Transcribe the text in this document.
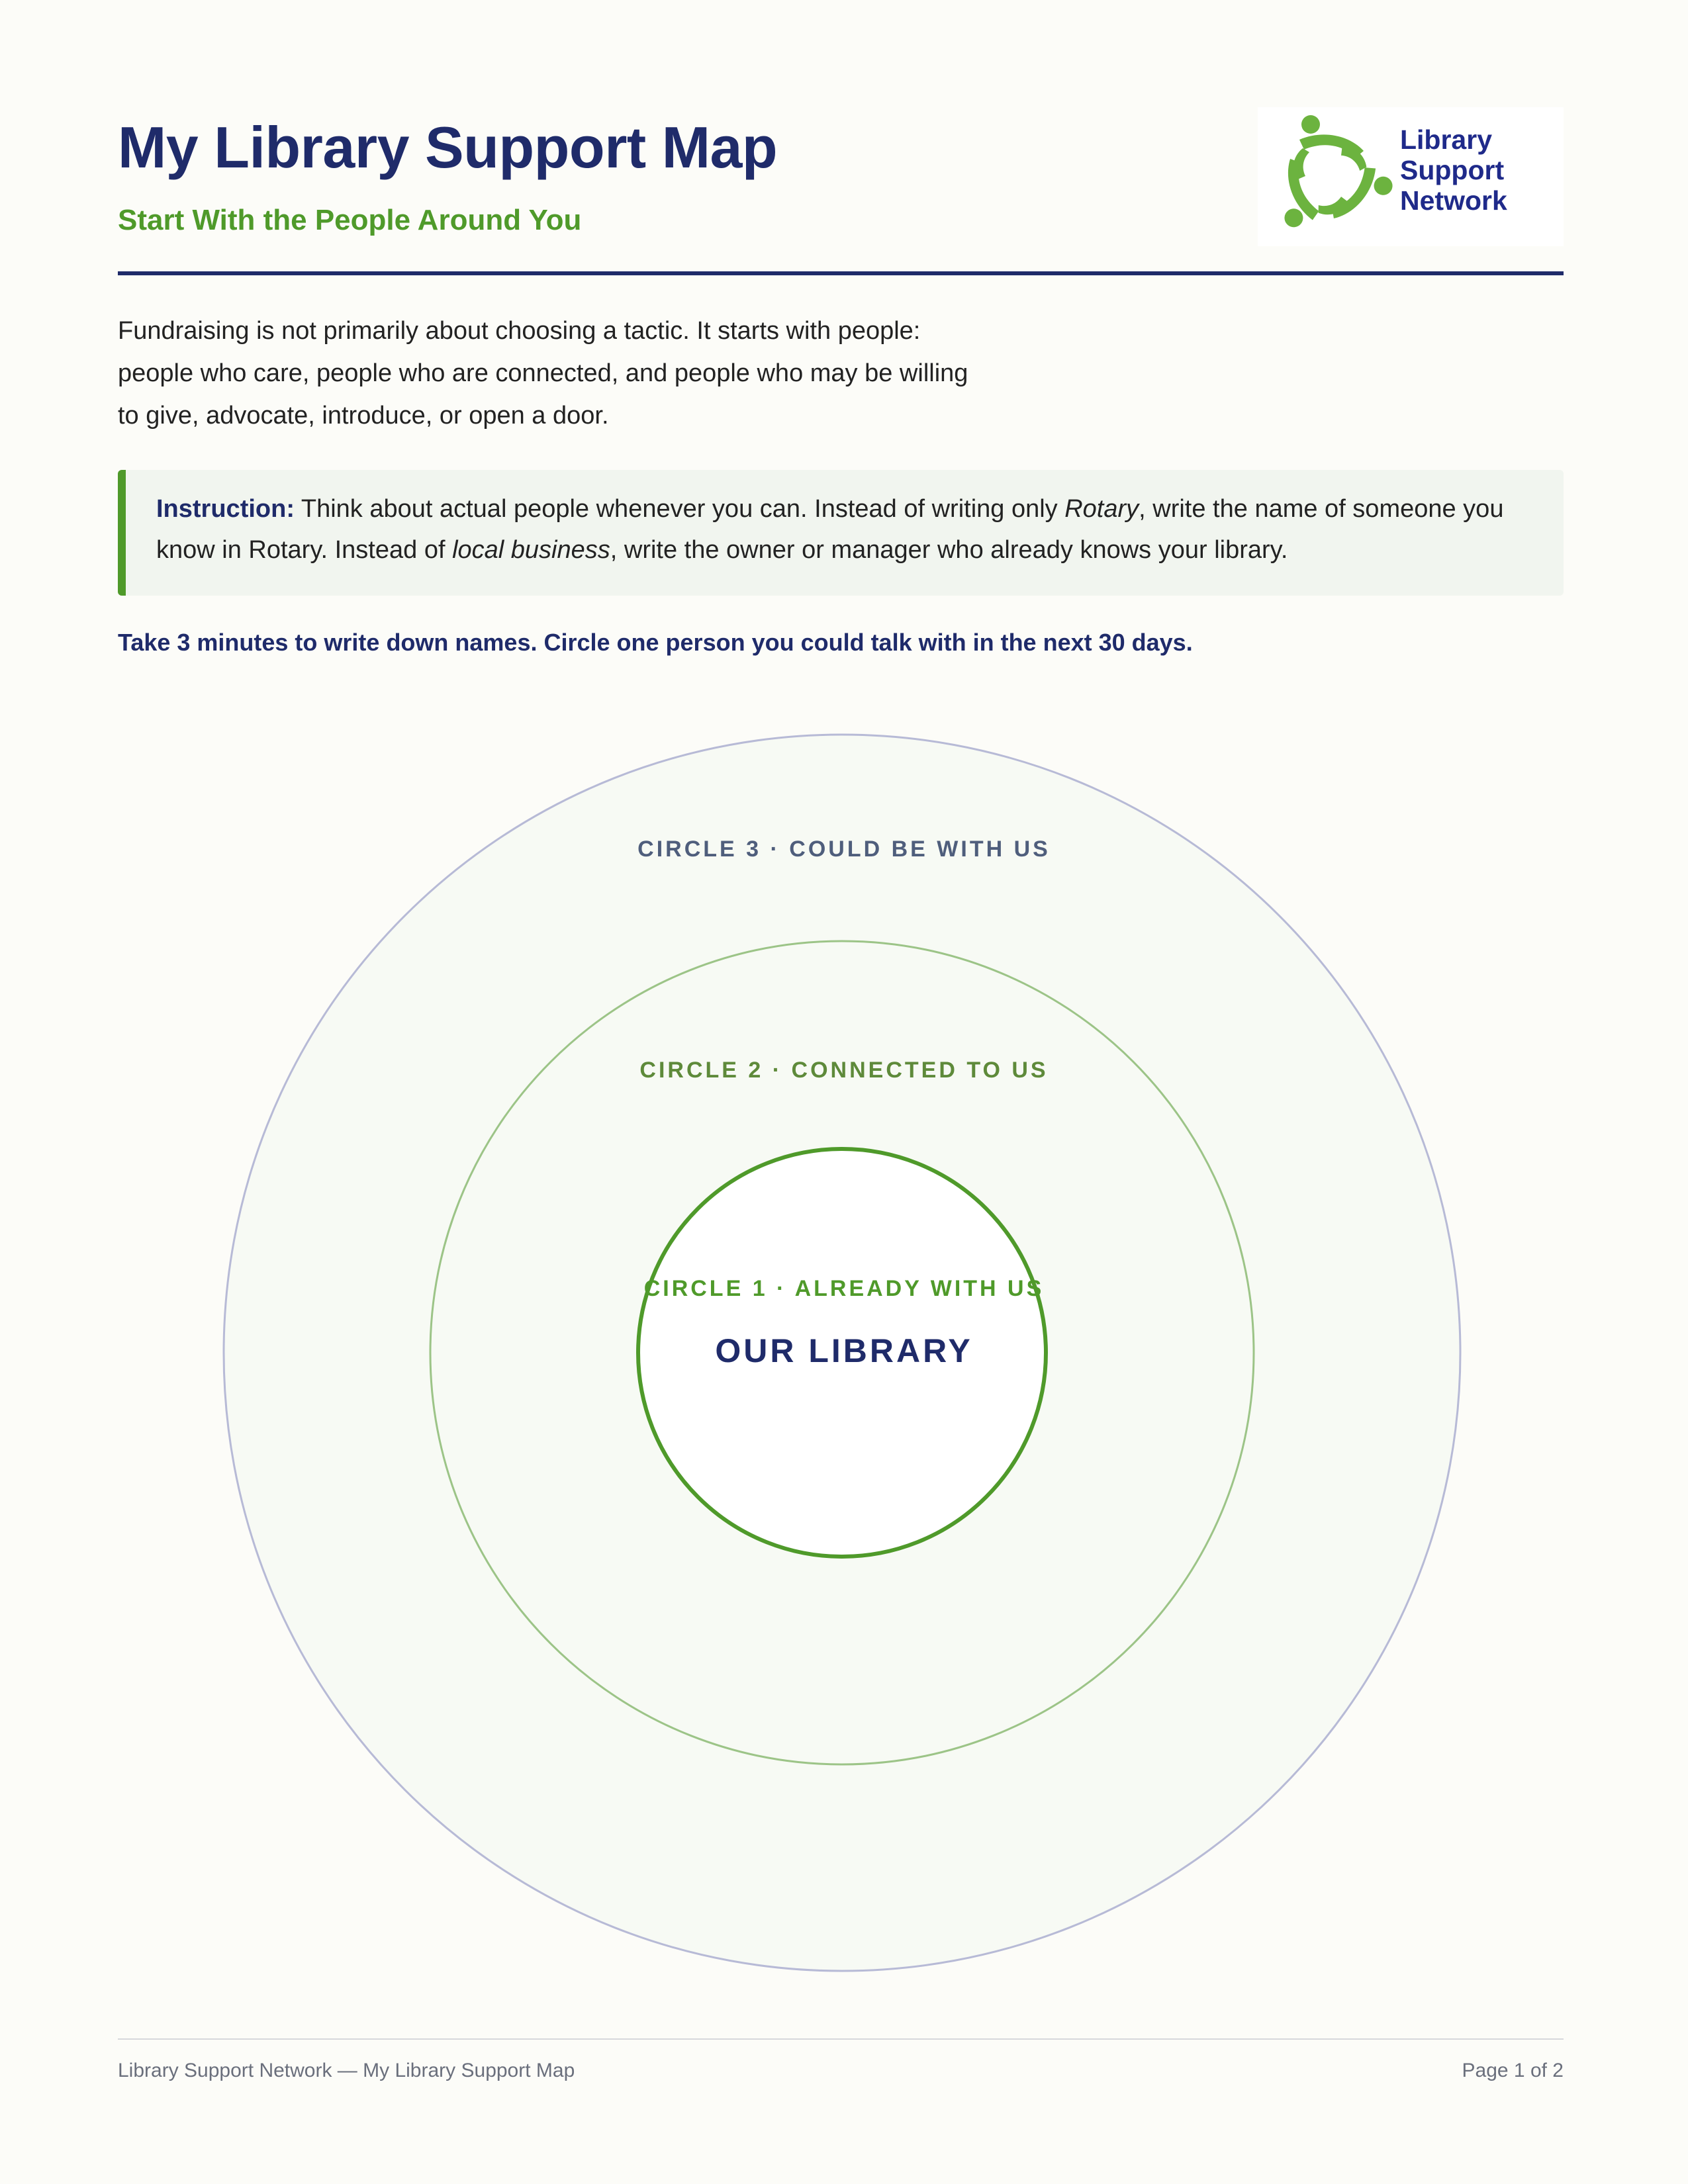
My Library Support Map
Start With the People Around You
Library
Support
Network
Fundraising is not primarily about choosing a tactic. It starts with people:
people who care, people who are connected, and people who may be willing
to give, advocate, introduce, or open a door.
Instruction: Think about actual people whenever you can. Instead of writing only Rotary, write the name of someone you
know in Rotary. Instead of local business, write the owner or manager who already knows your library.
Take 3 minutes to write down names. Circle one person you could talk with in the next 30 days.
CIRCLE 3 · COULD BE WITH US
CIRCLE 2 · CONNECTED TO US
CIRCLE 1 · ALREADY WITH US
OUR LIBRARY
Library Support Network — My Library Support Map	Page 1 of 2
